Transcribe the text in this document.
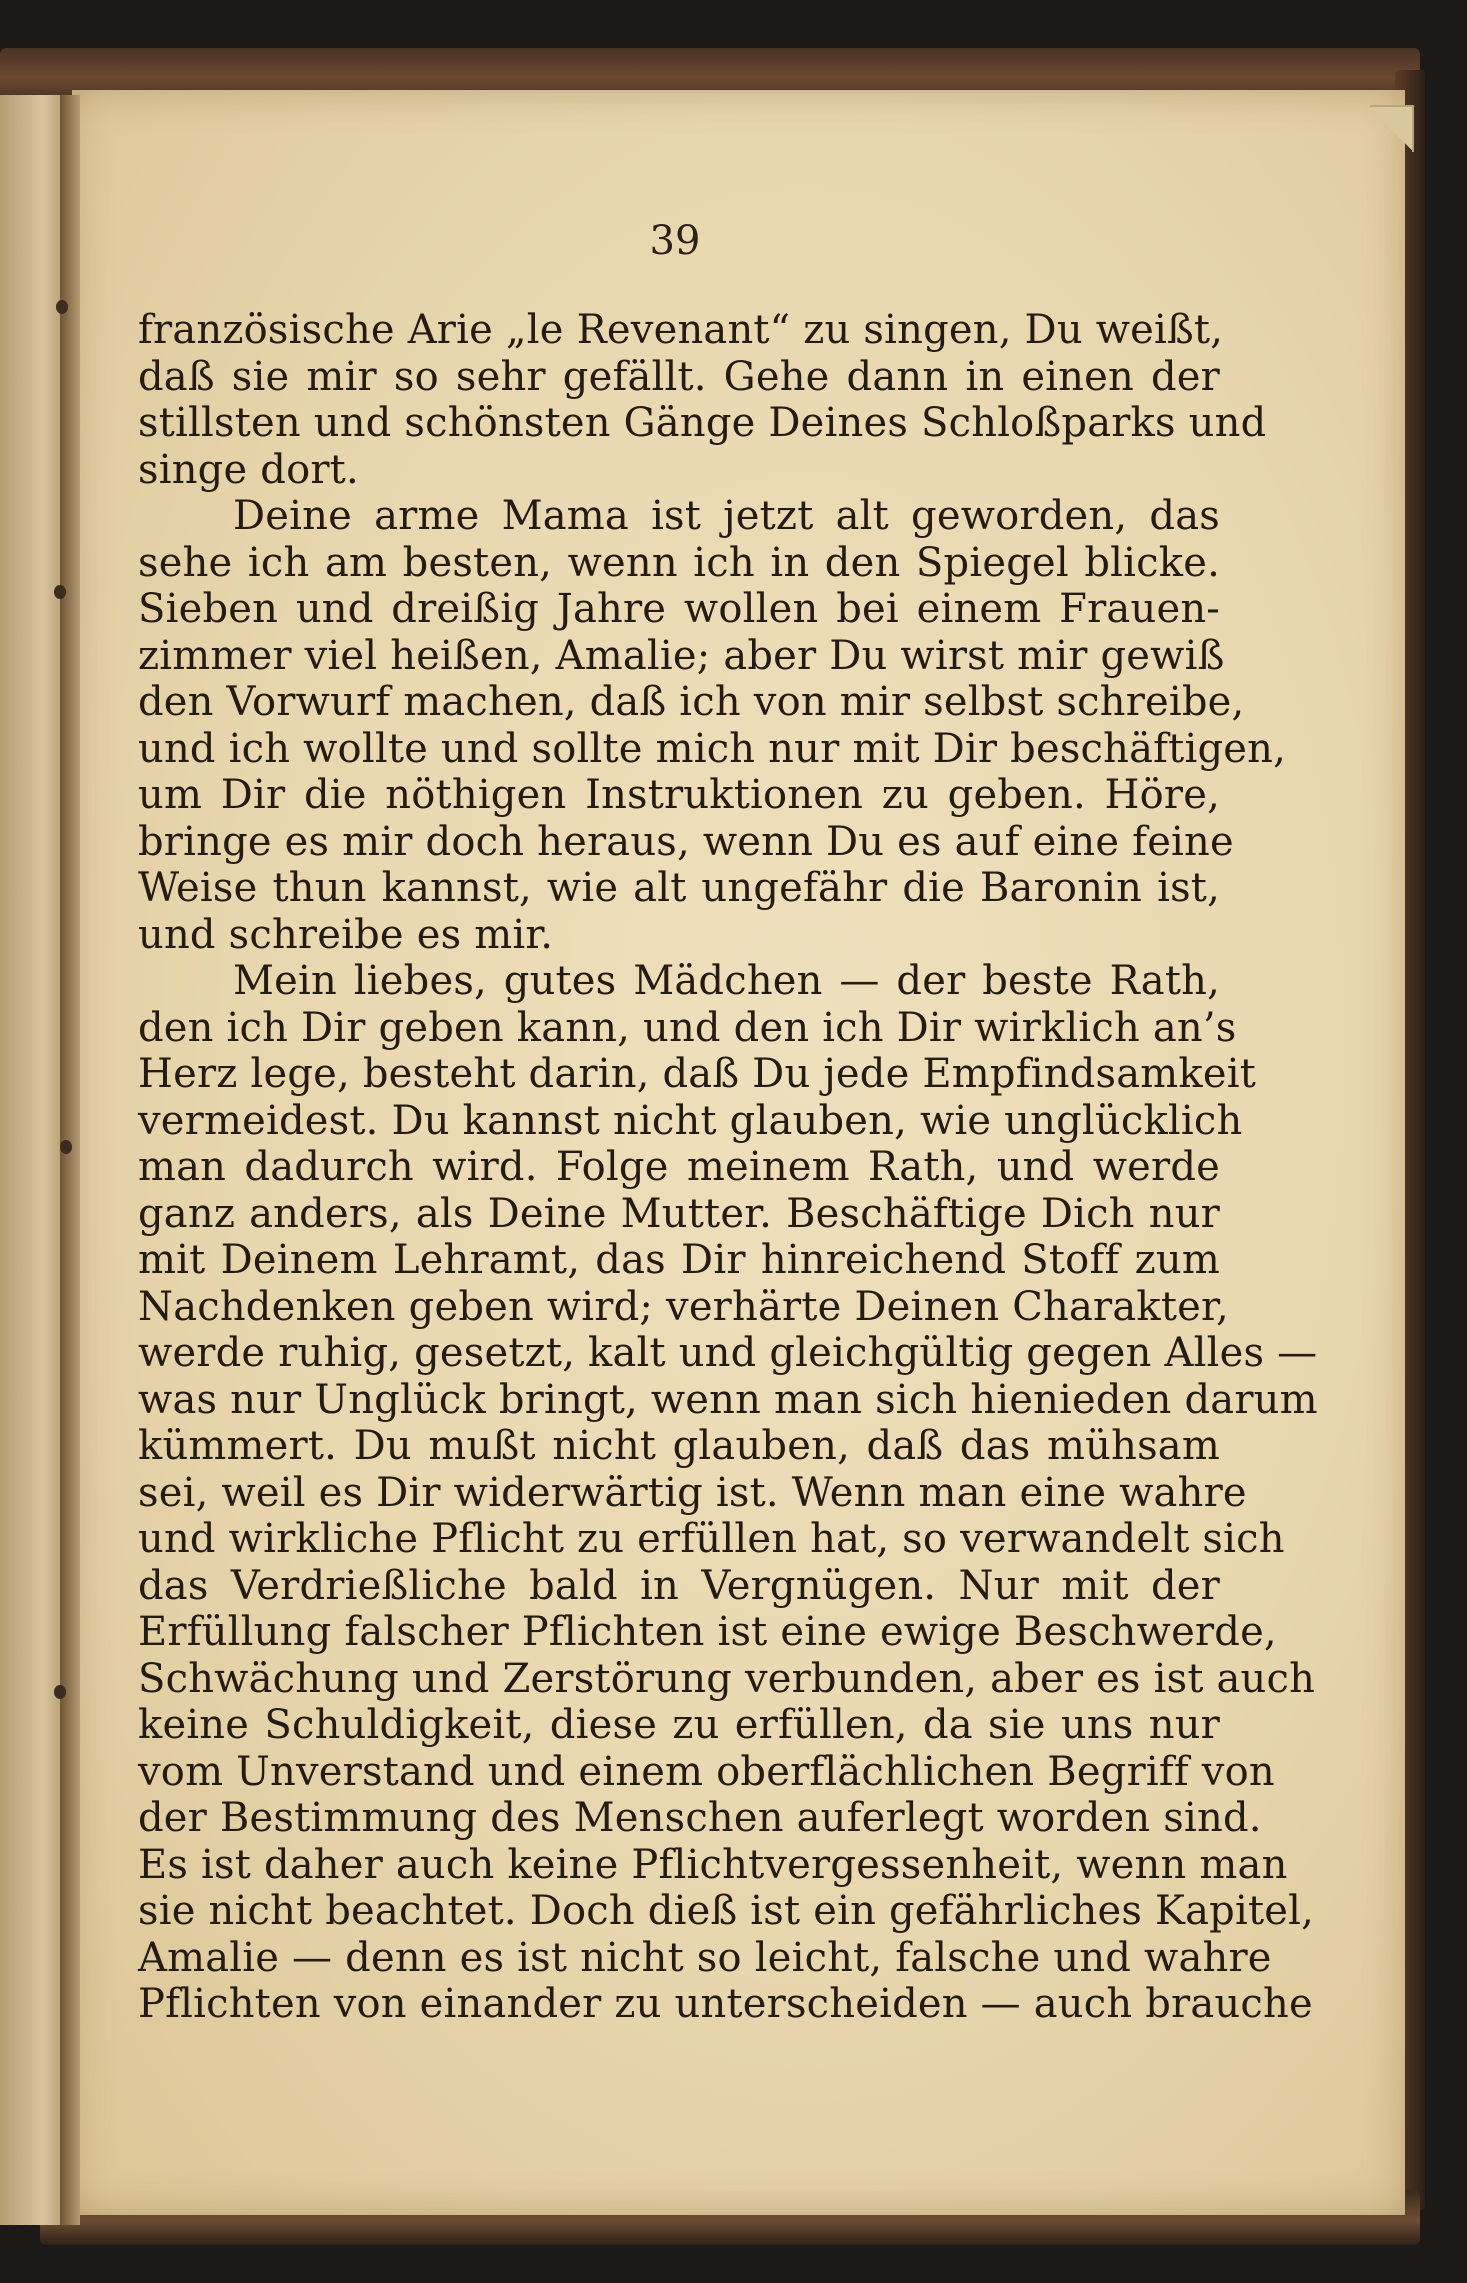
39
französische Arie „le Revenant“ zu singen, Du weißt,
daß sie mir so sehr gefällt. Gehe dann in einen der
stillsten und schönsten Gänge Deines Schloßparks und
singe dort.
Deine arme Mama ist jetzt alt geworden, das
sehe ich am besten, wenn ich in den Spiegel blicke.
Sieben und dreißig Jahre wollen bei einem Frauen-
zimmer viel heißen, Amalie; aber Du wirst mir gewiß
den Vorwurf machen, daß ich von mir selbst schreibe,
und ich wollte und sollte mich nur mit Dir beschäftigen,
um Dir die nöthigen Instruktionen zu geben. Höre,
bringe es mir doch heraus, wenn Du es auf eine feine
Weise thun kannst, wie alt ungefähr die Baronin ist,
und schreibe es mir.
Mein liebes, gutes Mädchen — der beste Rath,
den ich Dir geben kann, und den ich Dir wirklich an’s
Herz lege, besteht darin, daß Du jede Empfindsamkeit
vermeidest. Du kannst nicht glauben, wie unglücklich
man dadurch wird. Folge meinem Rath, und werde
ganz anders, als Deine Mutter. Beschäftige Dich nur
mit Deinem Lehramt, das Dir hinreichend Stoff zum
Nachdenken geben wird; verhärte Deinen Charakter,
werde ruhig, gesetzt, kalt und gleichgültig gegen Alles —
was nur Unglück bringt, wenn man sich hienieden darum
kümmert. Du mußt nicht glauben, daß das mühsam
sei, weil es Dir widerwärtig ist. Wenn man eine wahre
und wirkliche Pflicht zu erfüllen hat, so verwandelt sich
das Verdrießliche bald in Vergnügen. Nur mit der
Erfüllung falscher Pflichten ist eine ewige Beschwerde,
Schwächung und Zerstörung verbunden, aber es ist auch
keine Schuldigkeit, diese zu erfüllen, da sie uns nur
vom Unverstand und einem oberflächlichen Begriff von
der Bestimmung des Menschen auferlegt worden sind.
Es ist daher auch keine Pflichtvergessenheit, wenn man
sie nicht beachtet. Doch dieß ist ein gefährliches Kapitel,
Amalie — denn es ist nicht so leicht, falsche und wahre
Pflichten von einander zu unterscheiden — auch brauche
